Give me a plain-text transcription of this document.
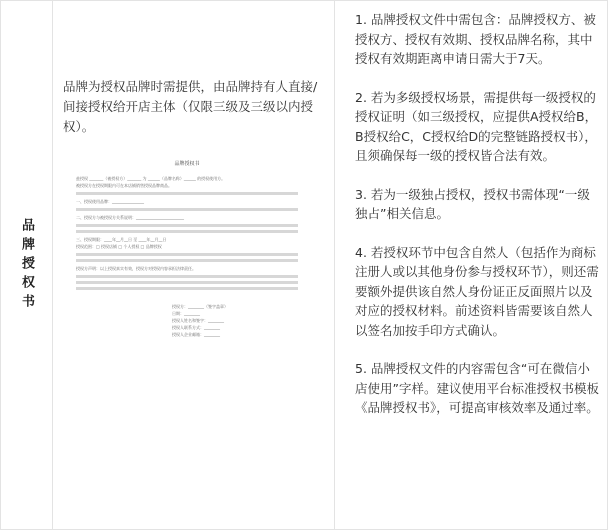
品牌授权书
品牌为授权品牌时需提供，由品牌持有人直接/间接授权给开店主体（仅限三级及三级以内授权）。
品牌授权书
兹授权 _______（被授权方）_______ 为 ______（品牌名称）______ 的授权使用方。
被授权方在授权期限内可在本店铺销售授权品牌商品。
一、授权使用品牌：________________
二、授权方与被授权方关系说明：________________________
三、授权期限：____年__月__日 至 ____年__月__日
授权范围：□ 授权店铺 □ 个人授权 □ 品牌授权
授权方声明：以上授权真实有效，授权方对授权内容承担法律责任。
授权方：________（签字盖章）
日期：________
授权人姓名和签字：________
授权人联系方式：________
授权人企业邮箱：________

1. 品牌授权文件中需包含：品牌授权方、被授权方、授权有效期、授权品牌名称，其中授权有效期距离申请日需大于7天。

2. 若为多级授权场景，需提供每一级授权的授权证明（如三级授权，应提供A授权给B，B授权给C，C授权给D的完整链路授权书），且须确保每一级的授权皆合法有效。

3. 若为一级独占授权，授权书需体现“一级独占”相关信息。

4. 若授权环节中包含自然人（包括作为商标注册人或以其他身份参与授权环节），则还需要额外提供该自然人身份证正反面照片以及对应的授权材料。前述资料皆需要该自然人以签名加按手印方式确认。

5. 品牌授权文件的内容需包含“可在微信小店使用”字样。建议使用平台标准授权书模板《品牌授权书》，可提高审核效率及通过率。
